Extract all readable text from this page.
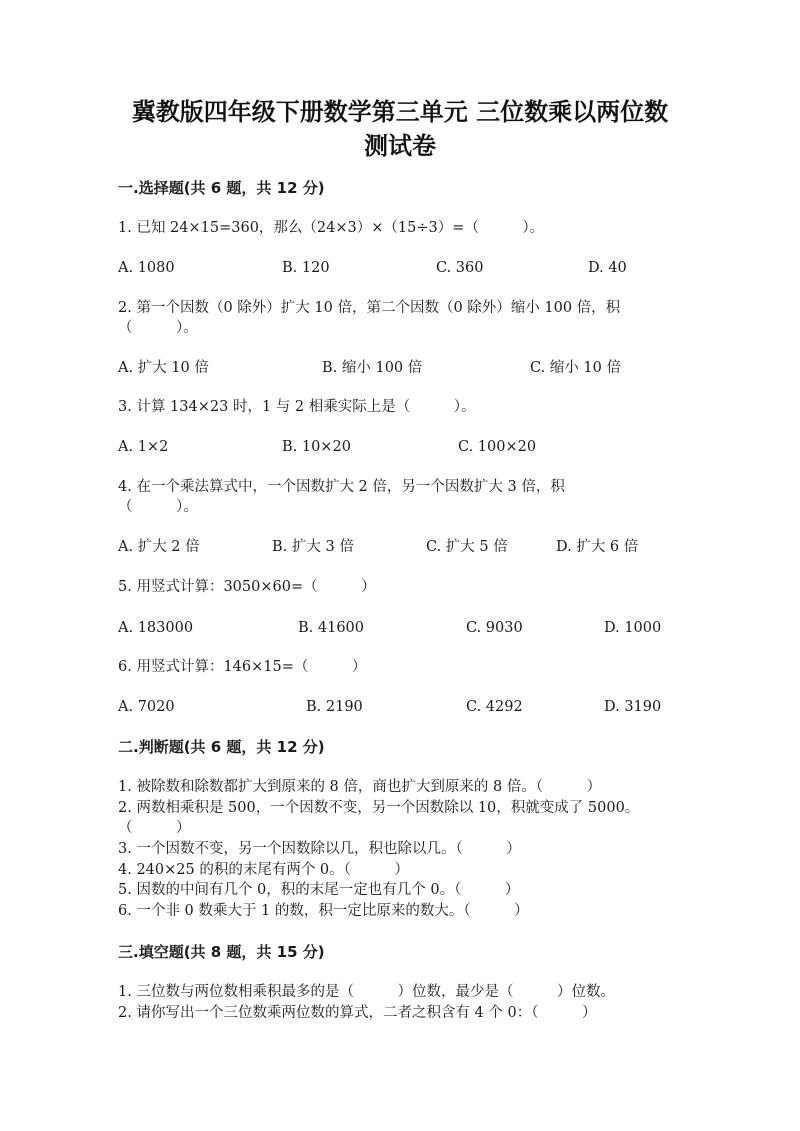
冀教版四年级下册数学第三单元 三位数乘以两位数
测试卷
一.选择题(共 6 题，共 12 分)
1. 已知 24×15=360，那么（24×3）×（15÷3）=（　　　）。
A. 1080	B. 120	C. 360	D. 40
2. 第一个因数（0 除外）扩大 10 倍，第二个因数（0 除外）缩小 100 倍，积
（　　　）。
A. 扩大 10 倍	B. 缩小 100 倍	C. 缩小 10 倍
3. 计算 134×23 时，1 与 2 相乘实际上是（　　　）。
A. 1×2	B. 10×20	C. 100×20
4. 在一个乘法算式中，一个因数扩大 2 倍，另一个因数扩大 3 倍，积
（　　　）。
A. 扩大 2 倍	B. 扩大 3 倍	C. 扩大 5 倍	D. 扩大 6 倍
5. 用竖式计算：3050×60=（　　　）
A. 183000	B. 41600	C. 9030	D. 1000
6. 用竖式计算：146×15=（　　　）
A. 7020	B. 2190	C. 4292	D. 3190
二.判断题(共 6 题，共 12 分)
1. 被除数和除数都扩大到原来的 8 倍，商也扩大到原来的 8 倍。（　　　）
2. 两数相乘积是 500，一个因数不变，另一个因数除以 10，积就变成了 5000。
（　　　）
3. 一个因数不变，另一个因数除以几，积也除以几。（　　　）
4. 240×25 的积的末尾有两个 0。（　　　）
5. 因数的中间有几个 0，积的末尾一定也有几个 0。（　　　）
6. 一个非 0 数乘大于 1 的数，积一定比原来的数大。（　　　）
三.填空题(共 8 题，共 15 分)
1. 三位数与两位数相乘积最多的是（　　　）位数，最少是（　　　）位数。
2. 请你写出一个三位数乘两位数的算式，二者之积含有 4 个 0：（　　　）
